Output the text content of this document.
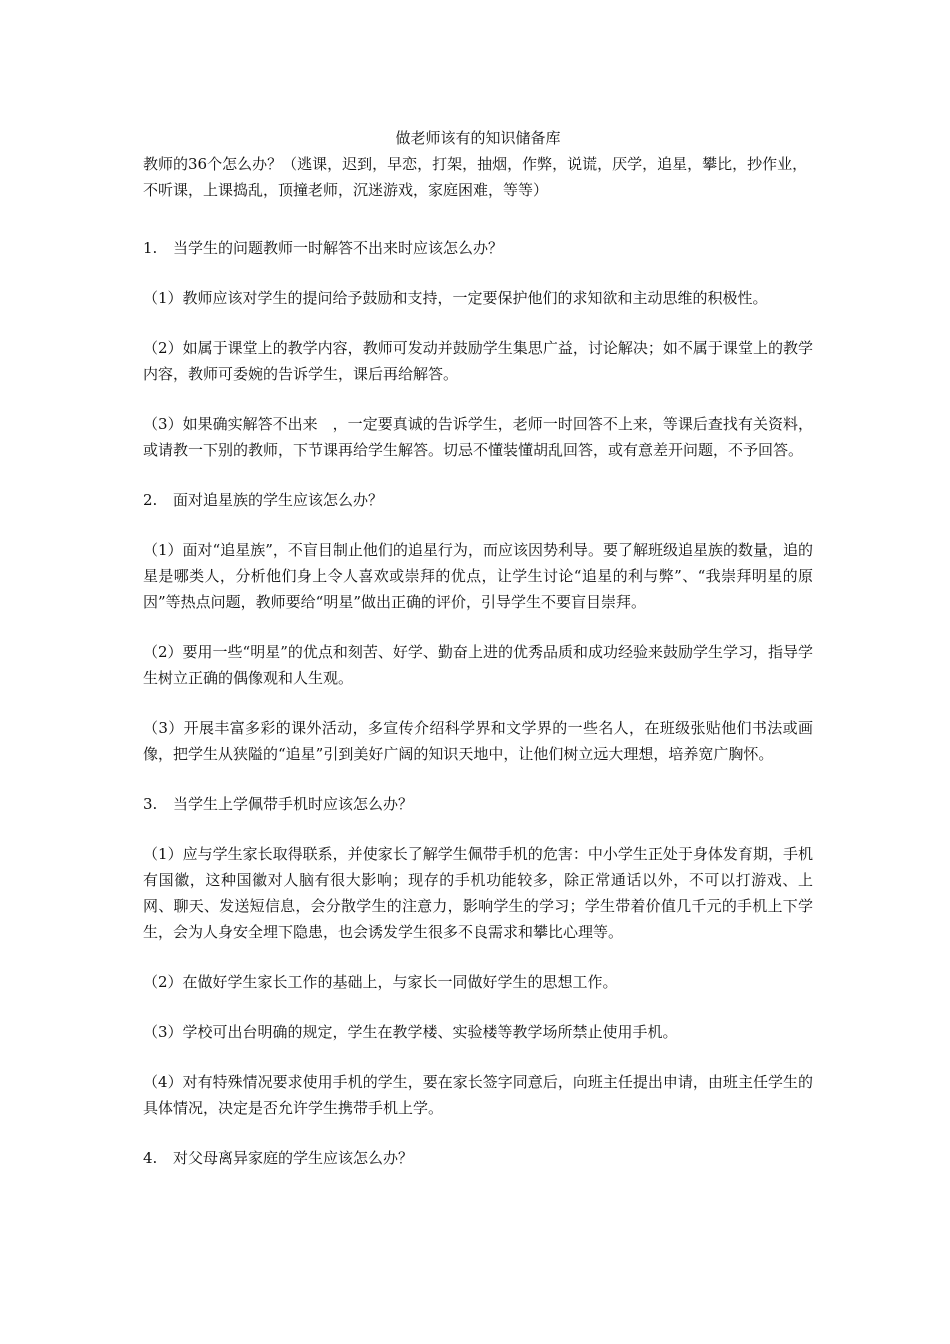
做老师该有的知识储备库

教师的36个怎么办？（逃课，迟到，早恋，打架，抽烟，作弊，说谎，厌学，追星，攀比，抄作业，不听课，上课捣乱，顶撞老师，沉迷游戏，家庭困难，等等）

1. 当学生的问题教师一时解答不出来时应该怎么办？

（1）教师应该对学生的提问给予鼓励和支持，一定要保护他们的求知欲和主动思维的积极性。

（2）如属于课堂上的教学内容，教师可发动并鼓励学生集思广益，讨论解决；如不属于课堂上的教学内容，教师可委婉的告诉学生，课后再给解答。

（3）如果确实解答不出来　，一定要真诚的告诉学生，老师一时回答不上来，等课后查找有关资料，或请教一下别的教师，下节课再给学生解答。切忌不懂装懂胡乱回答，或有意差开问题，不予回答。

2. 面对追星族的学生应该怎么办？

（1）面对“追星族”，不盲目制止他们的追星行为，而应该因势利导。要了解班级追星族的数量，追的星是哪类人，分析他们身上令人喜欢或崇拜的优点，让学生讨论“追星的利与弊”、“我崇拜明星的原因”等热点问题，教师要给“明星”做出正确的评价，引导学生不要盲目崇拜。

（2）要用一些“明星”的优点和刻苦、好学、勤奋上进的优秀品质和成功经验来鼓励学生学习，指导学生树立正确的偶像观和人生观。

（3）开展丰富多彩的课外活动，多宣传介绍科学界和文学界的一些名人，在班级张贴他们书法或画像，把学生从狭隘的“追星”引到美好广阔的知识天地中，让他们树立远大理想，培养宽广胸怀。

3. 当学生上学佩带手机时应该怎么办？

（1）应与学生家长取得联系，并使家长了解学生佩带手机的危害：中小学生正处于身体发育期，手机有国徽，这种国徽对人脑有很大影响；现存的手机功能较多，除正常通话以外，不可以打游戏、上网、聊天、发送短信息，会分散学生的注意力，影响学生的学习；学生带着价值几千元的手机上下学生，会为人身安全埋下隐患，也会诱发学生很多不良需求和攀比心理等。

（2）在做好学生家长工作的基础上，与家长一同做好学生的思想工作。

（3）学校可出台明确的规定，学生在教学楼、实验楼等教学场所禁止使用手机。

（4）对有特殊情况要求使用手机的学生，要在家长签字同意后，向班主任提出申请，由班主任学生的具体情况，决定是否允许学生携带手机上学。

4. 对父母离异家庭的学生应该怎么办？
